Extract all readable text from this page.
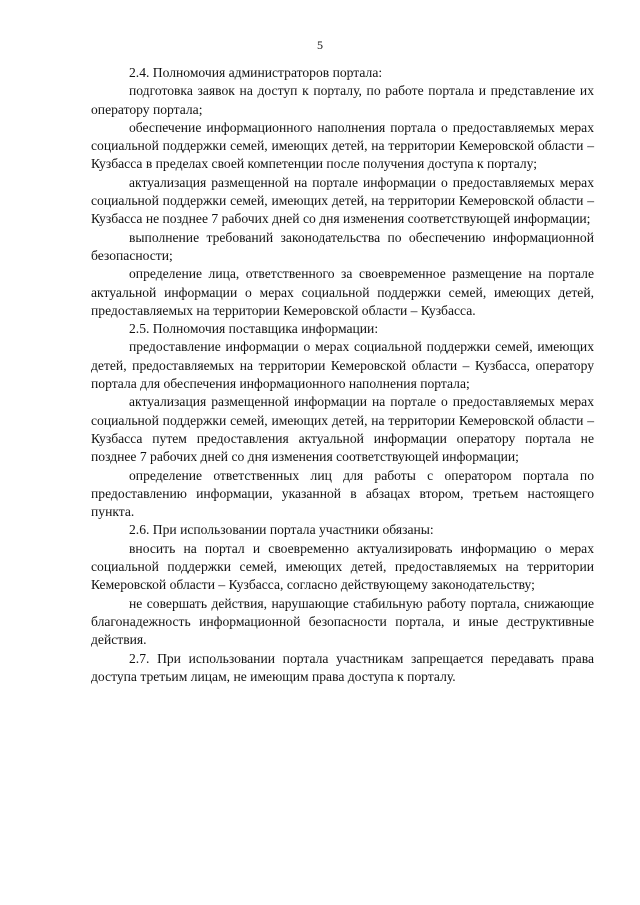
5

2.4. Полномочия администраторов портала:

подготовка заявок на доступ к порталу, по работе портала и представление их оператору портала;

обеспечение информационного наполнения портала о предоставляемых мерах социальной поддержки семей, имеющих детей, на территории Кемеровской области – Кузбасса в пределах своей компетенции после получения доступа к порталу;

актуализация размещенной на портале информации о предоставляемых мерах социальной поддержки семей, имеющих детей, на территории Кемеровской области – Кузбасса не позднее 7 рабочих дней со дня изменения соответствующей информации;

выполнение требований законодательства по обеспечению информационной безопасности;

определение лица, ответственного за своевременное размещение на портале актуальной информации о мерах социальной поддержки семей, имеющих детей, предоставляемых на территории Кемеровской области – Кузбасса.

2.5. Полномочия поставщика информации:

предоставление информации о мерах социальной поддержки семей, имеющих детей, предоставляемых на территории Кемеровской области – Кузбасса, оператору портала для обеспечения информационного наполнения портала;

актуализация размещенной информации на портале о предоставляемых мерах социальной поддержки семей, имеющих детей, на территории Кемеровской области – Кузбасса путем предоставления актуальной информации оператору портала не позднее 7 рабочих дней со дня изменения соответствующей информации;

определение ответственных лиц для работы с оператором портала по предоставлению информации, указанной в абзацах втором, третьем настоящего пункта.

2.6. При использовании портала участники обязаны:

вносить на портал и своевременно актуализировать информацию о мерах социальной поддержки семей, имеющих детей, предоставляемых на территории Кемеровской области – Кузбасса, согласно действующему законодательству;

не совершать действия, нарушающие стабильную работу портала, снижающие благонадежность информационной безопасности портала, и иные деструктивные действия.

2.7. При использовании портала участникам запрещается передавать права доступа третьим лицам, не имеющим права доступа к порталу.
